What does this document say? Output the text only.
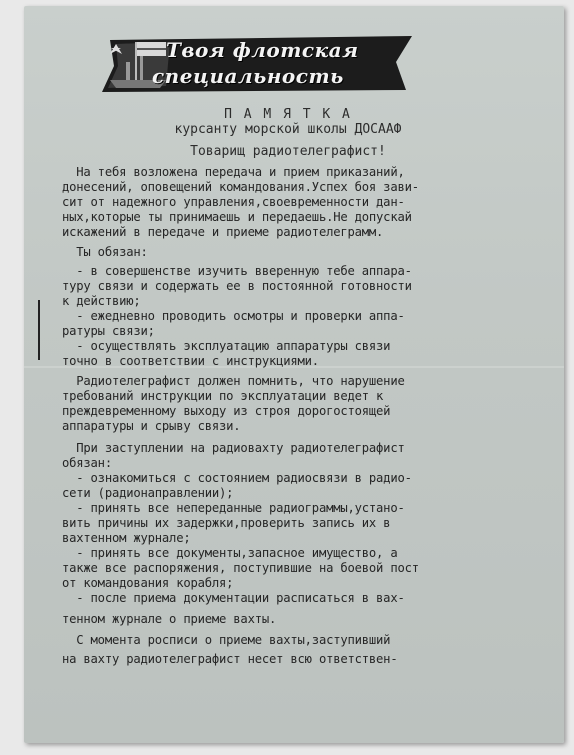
Твоя флотская
специальность
П А М Я Т К А
курсанту морской школы ДОСААФ
Товарищ радиотелеграфист!
На тебя возложена передача и прием приказаний,
донесений, оповещений командования.Успех боя зави-
сит от надежного управления,своевременности дан-
ных,которые ты принимаешь и передаешь.Не допускай
искажений в передаче и приеме радиотелеграмм.
Ты обязан:
- в совершенстве изучить вверенную тебе аппара-
туру связи и содержать ее в постоянной готовности
к действию;
- ежедневно проводить осмотры и проверки аппа-
ратуры связи;
- осуществлять эксплуатацию аппаратуры связи
точно в соответствии с инструкциями.
Радиотелеграфист должен помнить, что нарушение
требований инструкции по эксплуатации ведет к
преждевременному выходу из строя дорогостоящей
аппаратуры и срыву связи.
При заступлении на радиовахту радиотелеграфист
обязан:
- ознакомиться с состоянием радиосвязи в радио-
сети (радионаправлении);
- принять все непереданные радиограммы,устано-
вить причины их задержки,проверить запись их в
вахтенном журнале;
- принять все документы,запасное имущество, а
также все распоряжения, поступившие на боевой пост
от командования корабля;
- после приема документации расписаться в вах-
тенном журнале о приеме вахты.
С момента росписи о приеме вахты,заступивший
на вахту радиотелеграфист несет всю ответствен-
